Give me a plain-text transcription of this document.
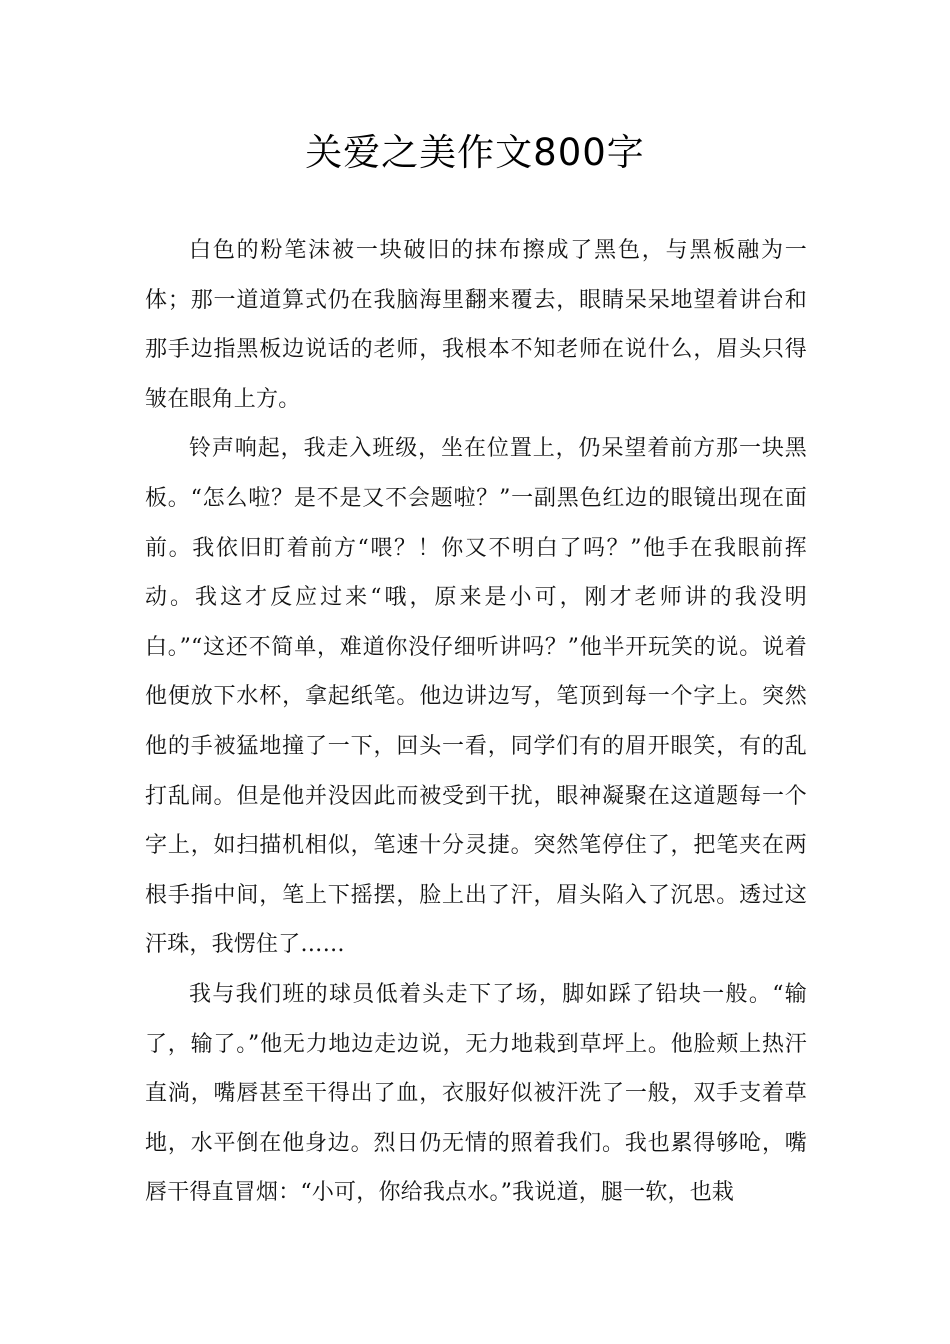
关爱之美作文800字

白色的粉笔沫被一块破旧的抹布擦成了黑色，与黑板融为一体；那一道道算式仍在我脑海里翻来覆去，眼睛呆呆地望着讲台和那手边指黑板边说话的老师，我根本不知老师在说什么，眉头只得皱在眼角上方。

铃声响起，我走入班级，坐在位置上，仍呆望着前方那一块黑板。“怎么啦？是不是又不会题啦？”一副黑色红边的眼镜出现在面前。我依旧盯着前方“喂？！你又不明白了吗？”他手在我眼前挥动。我这才反应过来“哦，原来是小可，刚才老师讲的我没明白。”“这还不简单，难道你没仔细听讲吗？”他半开玩笑的说。说着他便放下水杯，拿起纸笔。他边讲边写，笔顶到每一个字上。突然他的手被猛地撞了一下，回头一看，同学们有的眉开眼笑，有的乱打乱闹。但是他并没因此而被受到干扰，眼神凝聚在这道题每一个字上，如扫描机相似，笔速十分灵捷。突然笔停住了，把笔夹在两根手指中间，笔上下摇摆，脸上出了汗，眉头陷入了沉思。透过这汗珠，我愣住了……

我与我们班的球员低着头走下了场，脚如踩了铅块一般。“输了，输了。”他无力地边走边说，无力地栽到草坪上。他脸颊上热汗直淌，嘴唇甚至干得出了血，衣服好似被汗洗了一般，双手支着草地，水平倒在他身边。烈日仍无情的照着我们。我也累得够呛，嘴唇干得直冒烟：“小可，你给我点水。”我说道，腿一软，也栽
